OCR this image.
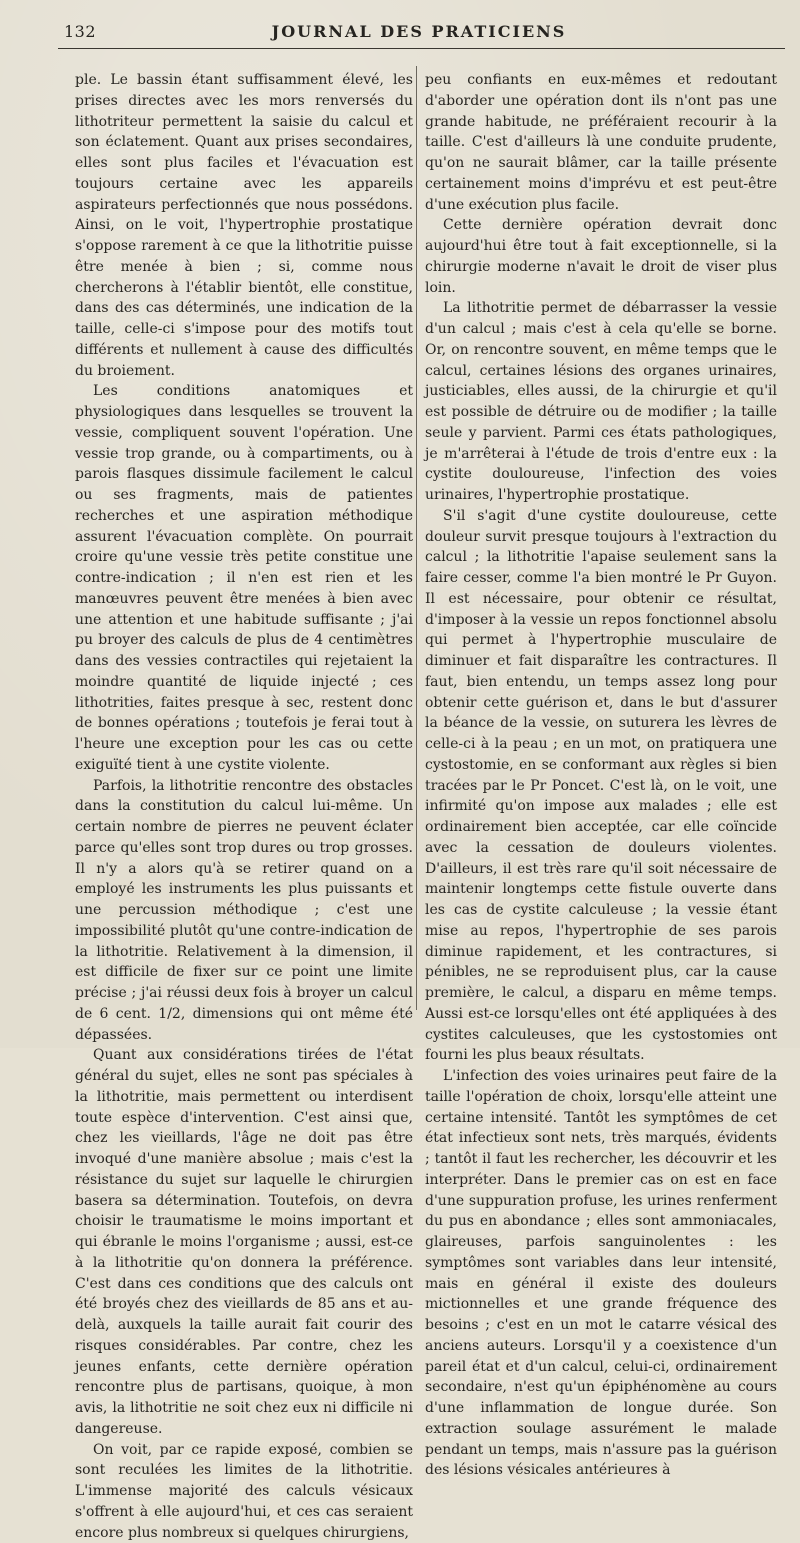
132	JOURNAL DES PRATICIENS

ple. Le bassin étant suffisamment élevé, les prises directes avec les mors renversés du lithotriteur permettent la saisie du calcul et son éclatement. Quant aux prises secondaires, elles sont plus faciles et l'évacuation est toujours certaine avec les appareils aspirateurs perfectionnés que nous possédons. Ainsi, on le voit, l'hypertrophie prostatique s'oppose rarement à ce que la lithotritie puisse être menée à bien ; si, comme nous chercherons à l'établir bientôt, elle constitue, dans des cas déterminés, une indication de la taille, celle-ci s'impose pour des motifs tout différents et nullement à cause des difficultés du broiement.

Les conditions anatomiques et physiologiques dans lesquelles se trouvent la vessie, compliquent souvent l'opération. Une vessie trop grande, ou à compartiments, ou à parois flasques dissimule facilement le calcul ou ses fragments, mais de patientes recherches et une aspiration méthodique assurent l'évacuation complète. On pourrait croire qu'une vessie très petite constitue une contre-indication ; il n'en est rien et les manœuvres peuvent être menées à bien avec une attention et une habitude suffisante ; j'ai pu broyer des calculs de plus de 4 centimètres dans des vessies contractiles qui rejetaient la moindre quantité de liquide injecté ; ces lithotrities, faites presque à sec, restent donc de bonnes opérations ; toutefois je ferai tout à l'heure une exception pour les cas ou cette exiguïté tient à une cystite violente.

Parfois, la lithotritie rencontre des obstacles dans la constitution du calcul lui-même. Un certain nombre de pierres ne peuvent éclater parce qu'elles sont trop dures ou trop grosses. Il n'y a alors qu'à se retirer quand on a employé les instruments les plus puissants et une percussion méthodique ; c'est une impossibilité plutôt qu'une contre-indication de la lithotritie. Relativement à la dimension, il est difficile de fixer sur ce point une limite précise ; j'ai réussi deux fois à broyer un calcul de 6 cent. 1/2, dimensions qui ont même été dépassées.

Quant aux considérations tirées de l'état général du sujet, elles ne sont pas spéciales à la lithotritie, mais permettent ou interdisent toute espèce d'intervention. C'est ainsi que, chez les vieillards, l'âge ne doit pas être invoqué d'une manière absolue ; mais c'est la résistance du sujet sur laquelle le chirurgien basera sa détermination. Toutefois, on devra choisir le traumatisme le moins important et qui ébranle le moins l'organisme ; aussi, est-ce à la lithotritie qu'on donnera la préférence. C'est dans ces conditions que des calculs ont été broyés chez des vieillards de 85 ans et au-delà, auxquels la taille aurait fait courir des risques considérables. Par contre, chez les jeunes enfants, cette dernière opération rencontre plus de partisans, quoique, à mon avis, la lithotritie ne soit chez eux ni difficile ni dangereuse.

On voit, par ce rapide exposé, combien se sont reculées les limites de la lithotritie. L'immense majorité des calculs vésicaux s'offrent à elle aujourd'hui, et ces cas seraient encore plus nombreux si quelques chirurgiens,

peu confiants en eux-mêmes et redoutant d'aborder une opération dont ils n'ont pas une grande habitude, ne préféraient recourir à la taille. C'est d'ailleurs là une conduite prudente, qu'on ne saurait blâmer, car la taille présente certainement moins d'imprévu et est peut-être d'une exécution plus facile.

Cette dernière opération devrait donc aujourd'hui être tout à fait exceptionnelle, si la chirurgie moderne n'avait le droit de viser plus loin.

La lithotritie permet de débarrasser la vessie d'un calcul ; mais c'est à cela qu'elle se borne. Or, on rencontre souvent, en même temps que le calcul, certaines lésions des organes urinaires, justiciables, elles aussi, de la chirurgie et qu'il est possible de détruire ou de modifier ; la taille seule y parvient. Parmi ces états pathologiques, je m'arrêterai à l'étude de trois d'entre eux : la cystite douloureuse, l'infection des voies urinaires, l'hypertrophie prostatique.

S'il s'agit d'une cystite douloureuse, cette douleur survit presque toujours à l'extraction du calcul ; la lithotritie l'apaise seulement sans la faire cesser, comme l'a bien montré le Pr Guyon. Il est nécessaire, pour obtenir ce résultat, d'imposer à la vessie un repos fonctionnel absolu qui permet à l'hypertrophie musculaire de diminuer et fait disparaître les contractures. Il faut, bien entendu, un temps assez long pour obtenir cette guérison et, dans le but d'assurer la béance de la vessie, on suturera les lèvres de celle-ci à la peau ; en un mot, on pratiquera une cystostomie, en se conformant aux règles si bien tracées par le Pr Poncet. C'est là, on le voit, une infirmité qu'on impose aux malades ; elle est ordinairement bien acceptée, car elle coïncide avec la cessation de douleurs violentes. D'ailleurs, il est très rare qu'il soit nécessaire de maintenir longtemps cette fistule ouverte dans les cas de cystite calculeuse ; la vessie étant mise au repos, l'hypertrophie de ses parois diminue rapidement, et les contractures, si pénibles, ne se reproduisent plus, car la cause première, le calcul, a disparu en même temps. Aussi est-ce lorsqu'elles ont été appliquées à des cystites calculeuses, que les cystostomies ont fourni les plus beaux résultats.

L'infection des voies urinaires peut faire de la taille l'opération de choix, lorsqu'elle atteint une certaine intensité. Tantôt les symptômes de cet état infectieux sont nets, très marqués, évidents ; tantôt il faut les rechercher, les découvrir et les interpréter. Dans le premier cas on est en face d'une suppuration profuse, les urines renferment du pus en abondance ; elles sont ammoniacales, glaireuses, parfois sanguinolentes : les symptômes sont variables dans leur intensité, mais en général il existe des douleurs mictionnelles et une grande fréquence des besoins ; c'est en un mot le catarre vésical des anciens auteurs. Lorsqu'il y a coexistence d'un pareil état et d'un calcul, celui-ci, ordinairement secondaire, n'est qu'un épiphénomène au cours d'une inflammation de longue durée. Son extraction soulage assurément le malade pendant un temps, mais n'assure pas la guérison des lésions vésicales antérieures à
